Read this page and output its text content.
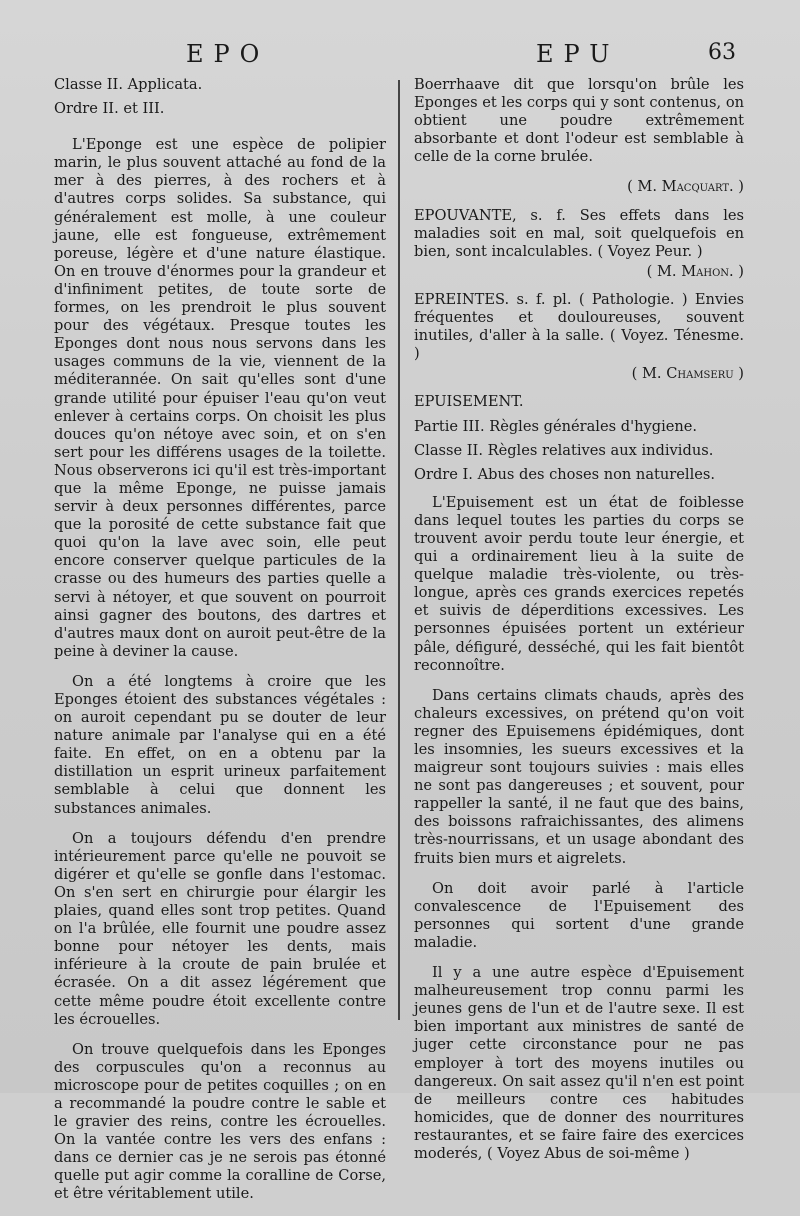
EPO	EPU	63

Classe II. Applicata.

Ordre II. et III.

L'Eponge est une espèce de polipier marin, le plus souvent attaché au fond de la mer à des pierres, à des rochers et à d'autres corps solides. Sa substance, qui généralement est molle, à une couleur jaune, elle est fongueuse, extrêmement poreuse, légère et d'une nature élastique. On en trouve d'énormes pour la grandeur et d'infiniment petites, de toute sorte de formes, on les prendroit le plus souvent pour des végétaux. Presque toutes les Eponges dont nous nous servons dans les usages communs de la vie, viennent de la méditerannée. On sait qu'elles sont d'une grande utilité pour épuiser l'eau qu'on veut enlever à certains corps. On choisit les plus douces qu'on nétoye avec soin, et on s'en sert pour les différens usages de la toilette. Nous observerons ici qu'il est très-important que la même Eponge, ne puisse jamais servir à deux personnes différentes, parce que la porosité de cette substance fait que quoi qu'on la lave avec soin, elle peut encore conserver quelque particules de la crasse ou des humeurs des parties quelle a servi à nétoyer, et que souvent on pourroit ainsi gagner des boutons, des dartres et d'autres maux dont on auroit peut-être de la peine à deviner la cause.

On a été longtems à croire que les Eponges étoient des substances végétales : on auroit cependant pu se douter de leur nature animale par l'analyse qui en a été faite. En effet, on en a obtenu par la distillation un esprit urineux parfaitement semblable à celui que donnent les substances animales.

On a toujours défendu d'en prendre intérieurement parce qu'elle ne pouvoit se digérer et qu'elle se gonfle dans l'estomac. On s'en sert en chirurgie pour élargir les plaies, quand elles sont trop petites. Quand on l'a brûlée, elle fournit une poudre assez bonne pour nétoyer les dents, mais inférieure à la croute de pain brulée et écrasée. On a dit assez légérement que cette même poudre étoit excellente contre les écrouelles.

On trouve quelquefois dans les Eponges des corpuscules qu'on a reconnus au microscope pour de petites coquilles ; on en a recommandé la poudre contre le sable et le gravier des reins, contre les écrouelles. On la vantée contre les vers des enfans : dans ce dernier cas je ne serois pas étonné quelle put agir comme la coralline de Corse, et être véritablement utile.

Boerrhaave dit que lorsqu'on brûle les Eponges et les corps qui y sont contenus, on obtient une poudre extrêmement absorbante et dont l'odeur est semblable à celle de la corne brulée.

( M. Macquart. )

EPOUVANTE, s. f. Ses effets dans les maladies soit en mal, soit quelquefois en bien, sont incalculables. ( Voyez Peur. )

( M. Mahon. )

EPREINTES. s. f. pl. ( Pathologie. ) Envies fréquentes et douloureuses, souvent inutiles, d'aller à la salle. ( Voyez. Ténesme. )

( M. Chamseru )

EPUISEMENT.

Partie III. Règles générales d'hygiene.

Classe II. Règles relatives aux individus.

Ordre I. Abus des choses non naturelles.

L'Epuisement est un état de foiblesse dans lequel toutes les parties du corps se trouvent avoir perdu toute leur énergie, et qui a ordinairement lieu à la suite de quelque maladie très-violente, ou très-longue, après ces grands exercices repetés et suivis de déperditions excessives. Les personnes épuisées portent un extérieur pâle, défiguré, desséché, qui les fait bientôt reconnoître.

Dans certains climats chauds, après des chaleurs excessives, on prétend qu'on voit regner des Epuisemens épidémiques, dont les insomnies, les sueurs excessives et la maigreur sont toujours suivies : mais elles ne sont pas dangereuses ; et souvent, pour rappeller la santé, il ne faut que des bains, des boissons rafraichissantes, des alimens très-nourrissans, et un usage abondant des fruits bien murs et aigrelets.

On doit avoir parlé à l'article convalescence de l'Epuisement des personnes qui sortent d'une grande maladie.

Il y a une autre espèce d'Epuisement malheureusement trop connu parmi les jeunes gens de l'un et de l'autre sexe. Il est bien important aux ministres de santé de juger cette circonstance pour ne pas employer à tort des moyens inutiles ou dangereux. On sait assez qu'il n'en est point de meilleurs contre ces habitudes homicides, que de donner des nourritures restaurantes, et se faire faire des exercices moderés, ( Voyez Abus de soi-même )
